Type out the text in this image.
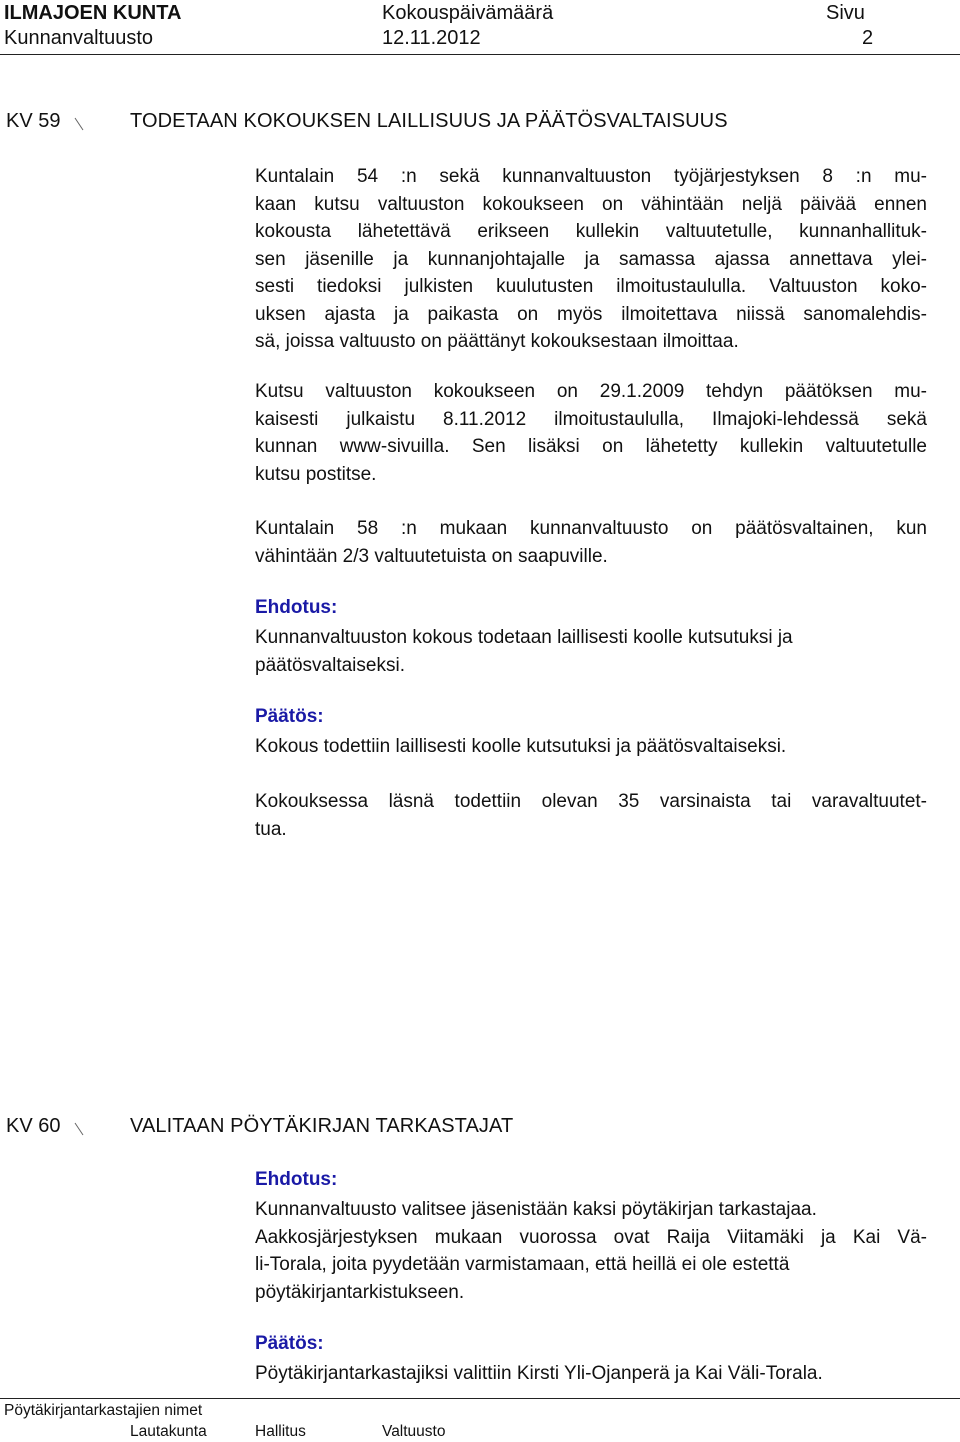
ILMAJOEN KUNTA
Kunnanvaltuusto
Kokouspäivämäärä
12.11.2012
Sivu
2
KV 59	TODETAAN KOKOUKSEN LAILLISUUS JA PÄÄTÖSVALTAISUUS
Kuntalain 54 :n sekä kunnanvaltuuston työjärjestyksen 8 :n mu-
kaan kutsu valtuuston kokoukseen on vähintään neljä päivää ennen
kokousta lähetettävä erikseen kullekin valtuutetulle, kunnanhallituk-
sen jäsenille ja kunnanjohtajalle ja samassa ajassa annettava ylei-
sesti tiedoksi julkisten kuulutusten ilmoitustaululla. Valtuuston koko-
uksen ajasta ja paikasta on myös ilmoitettava niissä sanomalehdis-
sä, joissa valtuusto on päättänyt kokouksestaan ilmoittaa.
Kutsu valtuuston kokoukseen on 29.1.2009 tehdyn päätöksen mu-
kaisesti julkaistu 8.11.2012 ilmoitustaululla, Ilmajoki-lehdessä sekä
kunnan www-sivuilla. Sen lisäksi on lähetetty kullekin valtuutetulle
kutsu postitse.
Kuntalain 58 :n mukaan kunnanvaltuusto on päätösvaltainen, kun
vähintään 2/3 valtuutetuista on saapuville.
Ehdotus:
Kunnanvaltuuston kokous todetaan laillisesti koolle kutsutuksi ja
päätösvaltaiseksi.
Päätös:
Kokous todettiin laillisesti koolle kutsutuksi ja päätösvaltaiseksi.
Kokouksessa läsnä todettiin olevan 35 varsinaista tai varavaltuutet-
tua.
KV 60	VALITAAN PÖYTÄKIRJAN TARKASTAJAT
Ehdotus:
Kunnanvaltuusto valitsee jäsenistään kaksi pöytäkirjan tarkastajaa.
Aakkosjärjestyksen mukaan vuorossa ovat Raija Viitamäki ja Kai Vä-
li-Torala, joita pyydetään varmistamaan, että heillä ei ole estettä
pöytäkirjantarkistukseen.
Päätös:
Pöytäkirjantarkastajiksi valittiin Kirsti Yli-Ojanperä ja Kai Väli-Torala.
Pöytäkirjantarkastajien nimet
Lautakunta	Hallitus	Valtuusto
